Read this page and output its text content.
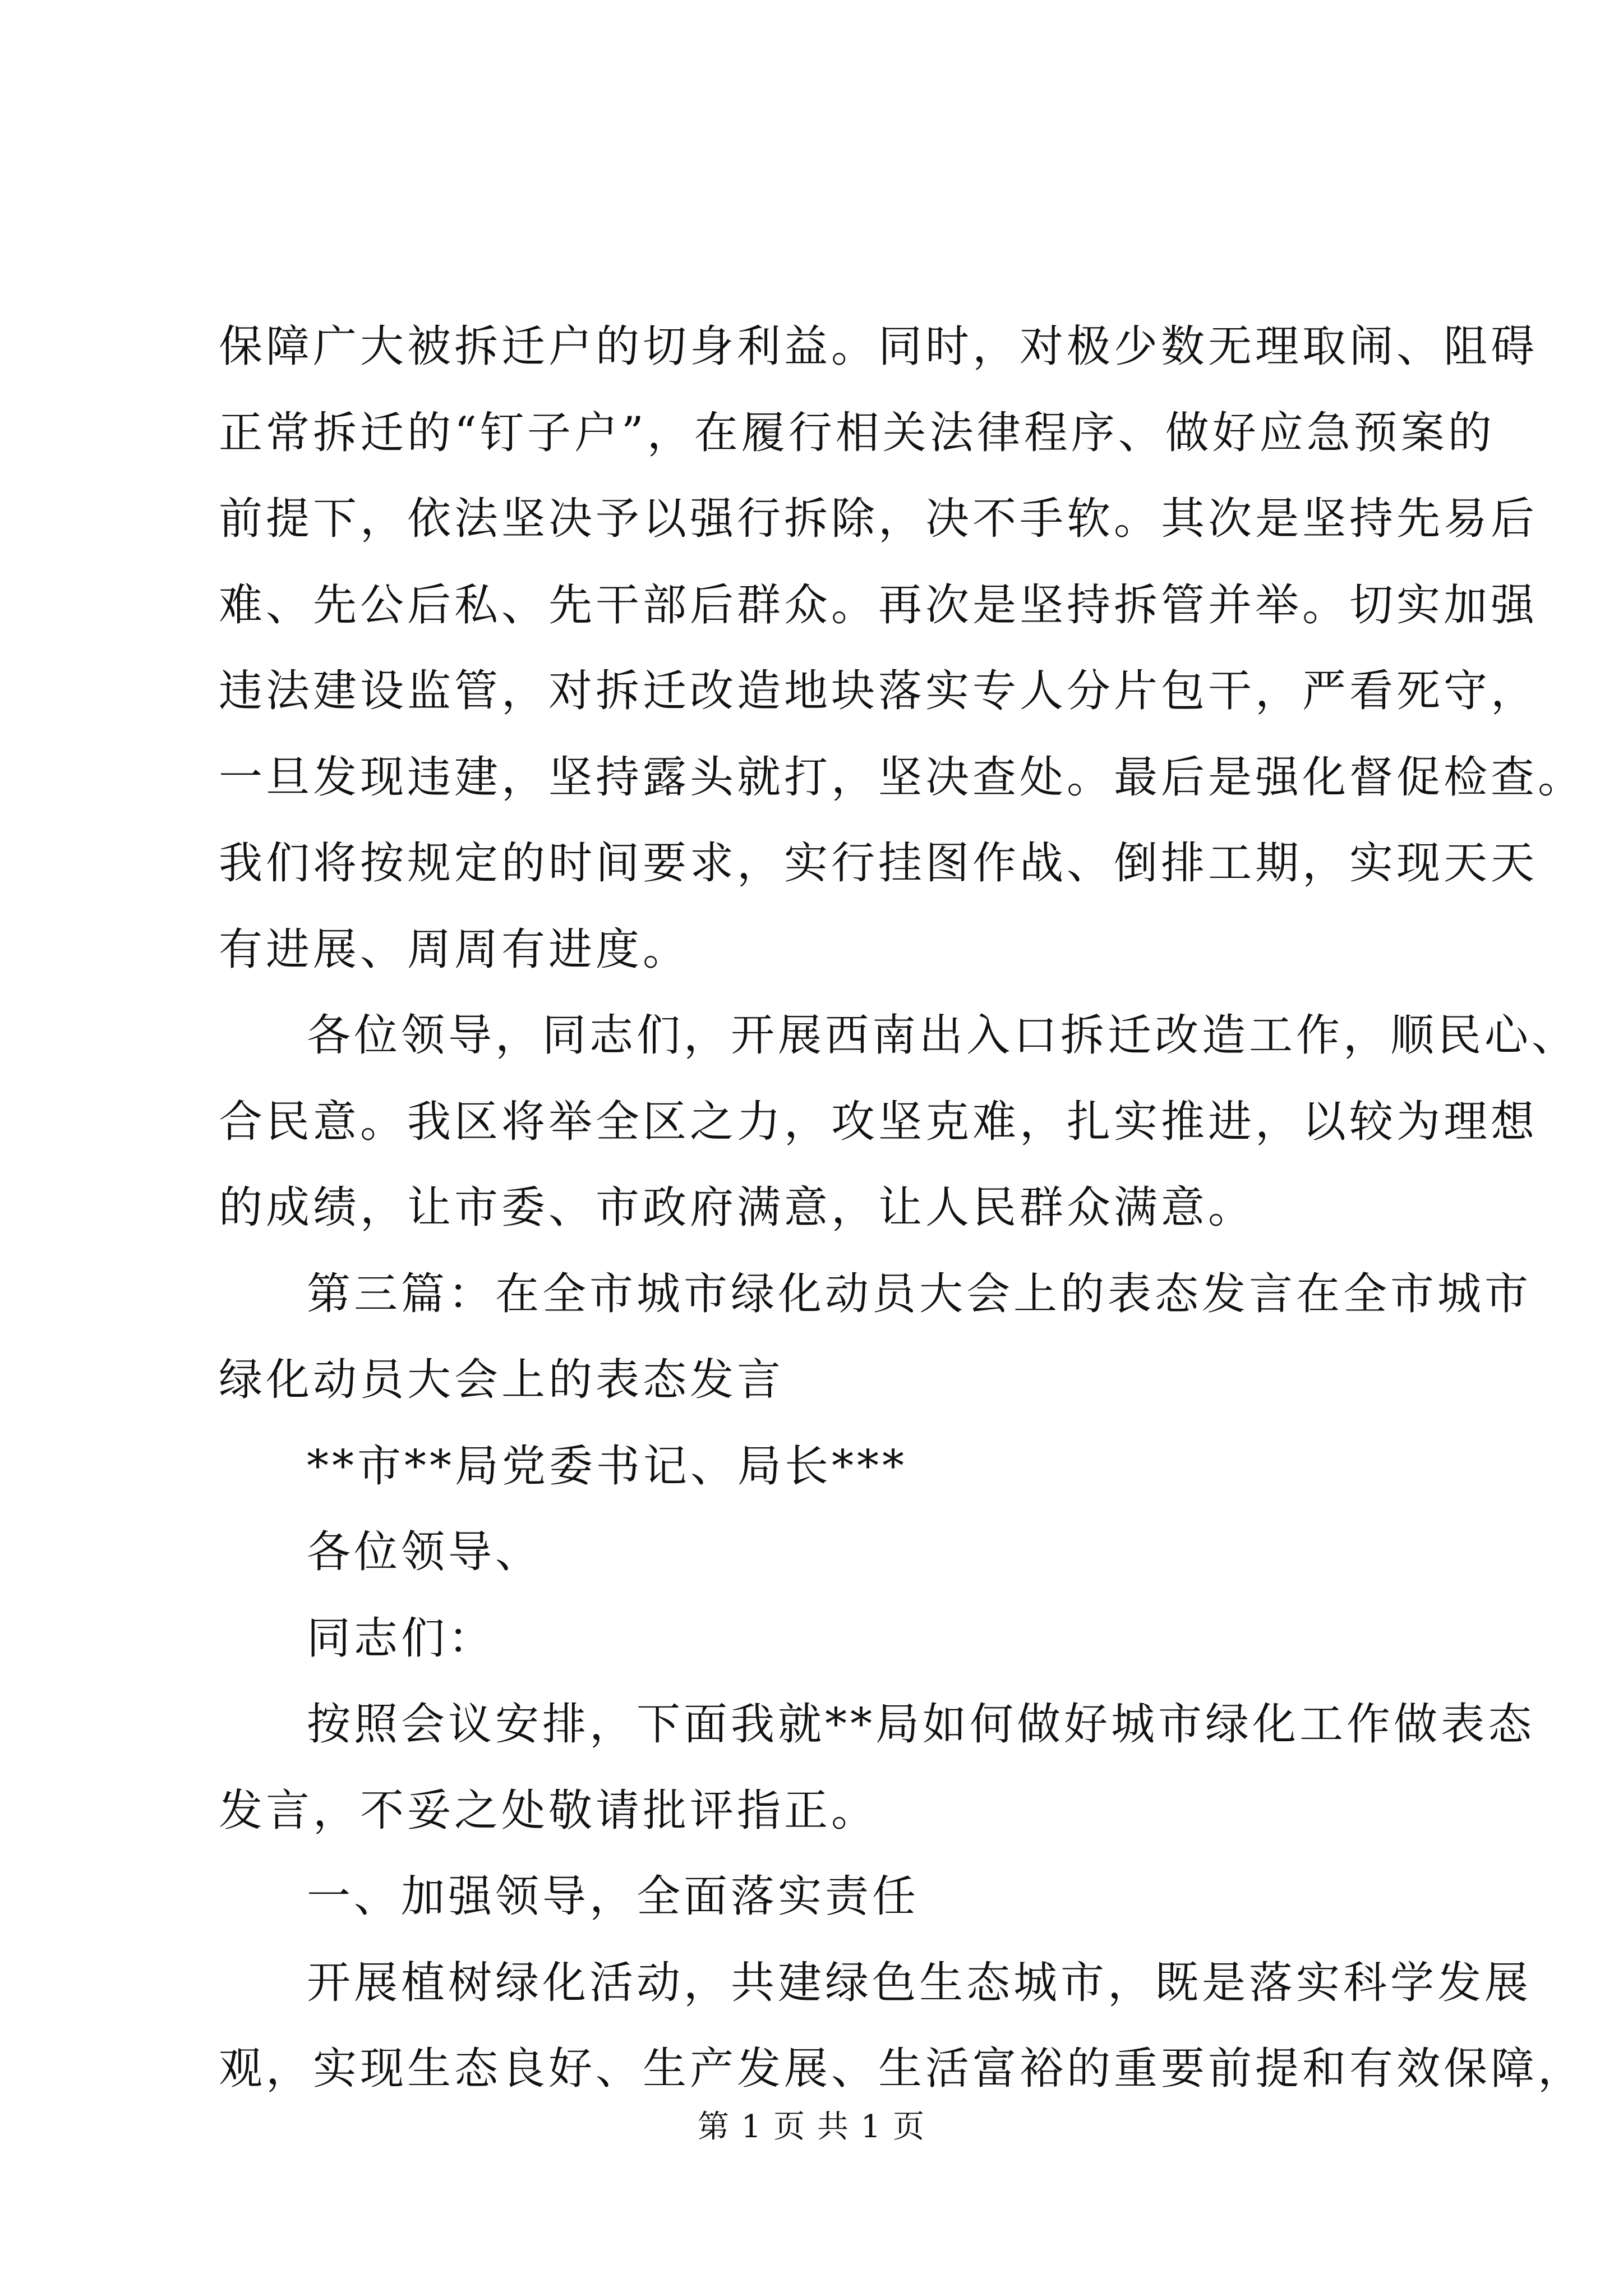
保障广大被拆迁户的切身利益。同时，对极少数无理取闹、阻碍
正常拆迁的“钉子户”，在履行相关法律程序、做好应急预案的
前提下，依法坚决予以强行拆除，决不手软。其次是坚持先易后
难、先公后私、先干部后群众。再次是坚持拆管并举。切实加强
违法建设监管，对拆迁改造地块落实专人分片包干，严看死守，
一旦发现违建，坚持露头就打，坚决查处。最后是强化督促检查。
我们将按规定的时间要求，实行挂图作战、倒排工期，实现天天
有进展、周周有进度。
各位领导，同志们，开展西南出入口拆迁改造工作，顺民心、
合民意。我区将举全区之力，攻坚克难，扎实推进，以较为理想
的成绩，让市委、市政府满意，让人民群众满意。
第三篇：在全市城市绿化动员大会上的表态发言在全市城市
绿化动员大会上的表态发言
**市**局党委书记、局长***
各位领导、
同志们：
按照会议安排，下面我就**局如何做好城市绿化工作做表态
发言，不妥之处敬请批评指正。
一、加强领导，全面落实责任
开展植树绿化活动，共建绿色生态城市，既是落实科学发展
观，实现生态良好、生产发展、生活富裕的重要前提和有效保障，
第 1 页 共 1 页
